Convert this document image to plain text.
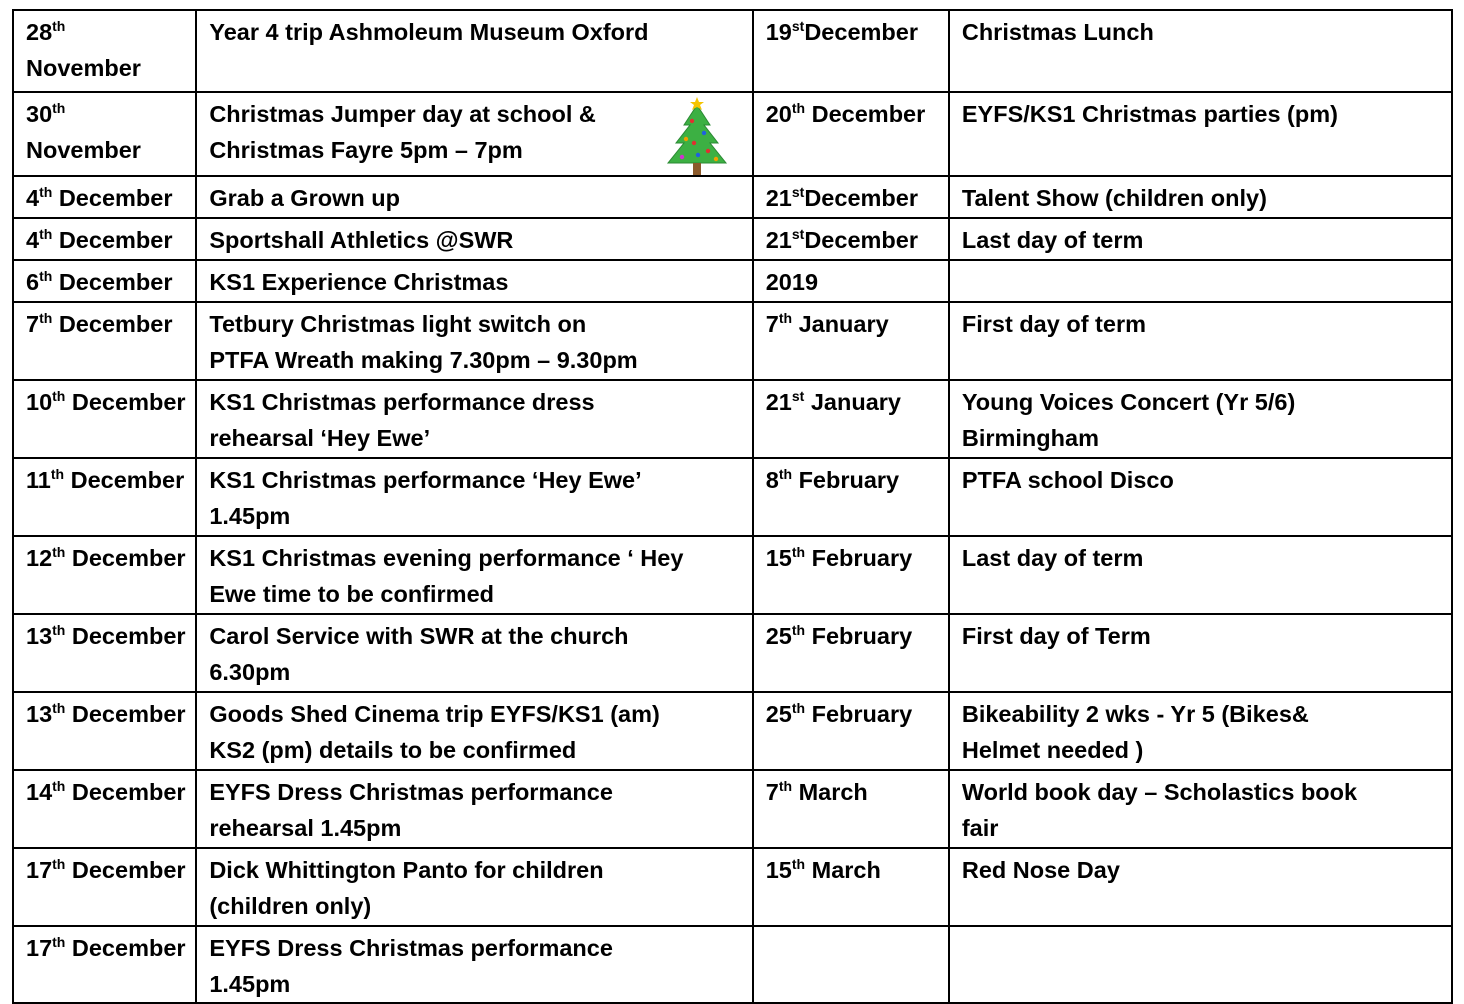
28th
November	Year 4 trip Ashmoleum Museum Oxford	19stDecember	Christmas Lunch

30th
November	Christmas Jumper day at school &
Christmas Fayre 5pm – 7pm	20th December	EYFS/KS1 Christmas parties (pm)

4th December	Grab a Grown up	21stDecember	Talent Show (children only)

4th December	Sportshall Athletics @SWR	21stDecember	Last day of term

6th December	KS1 Experience Christmas	2019	
7th December	Tetbury Christmas light switch on
PTFA Wreath making 7.30pm – 9.30pm	7th January	First day of term

10th December	KS1 Christmas performance dress
rehearsal ‘Hey Ewe’	21st January	Young Voices Concert (Yr 5/6)
Birmingham

11th December	KS1 Christmas performance ‘Hey Ewe’
1.45pm	8th February	PTFA school Disco

12th December	KS1 Christmas evening performance ‘ Hey
Ewe time to be confirmed	15th February	Last day of term

13th December	Carol Service with SWR at the church
6.30pm	25th February	First day of Term

13th December	Goods Shed Cinema trip EYFS/KS1 (am)
KS2 (pm) details to be confirmed	25th February	Bikeability 2 wks - Yr 5 (Bikes&
Helmet needed )

14th December	EYFS Dress Christmas performance
rehearsal 1.45pm	7th March	World book day – Scholastics book
fair

17th December	Dick Whittington Panto for children
(children only)	15th March	Red Nose Day

17th December	EYFS Dress Christmas performance
1.45pm		
